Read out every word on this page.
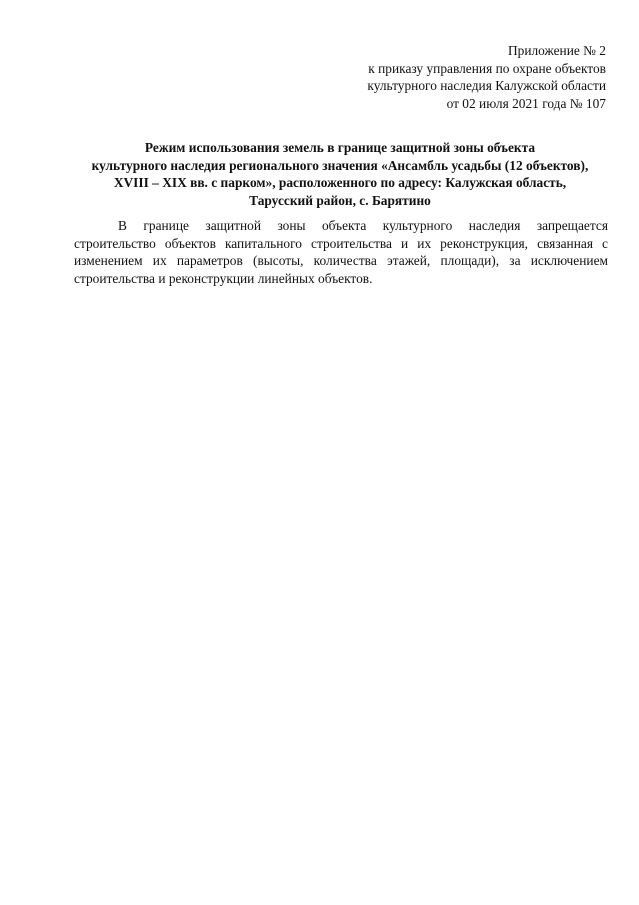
Приложение № 2
к приказу управления по охране объектов
культурного наследия Калужской области
от 02 июля 2021 года № 107
Режим использования земель в границе защитной зоны объекта
культурного наследия регионального значения «Ансамбль усадьбы (12 объектов),
XVIII – XIX вв. с парком», расположенного по адресу: Калужская область,
Тарусский район, с. Барятино
В границе защитной зоны объекта культурного наследия запрещается
строительство объектов капитального строительства и их реконструкция, связанная с
изменением их параметров (высоты, количества этажей, площади), за исключением
строительства и реконструкции линейных объектов.
